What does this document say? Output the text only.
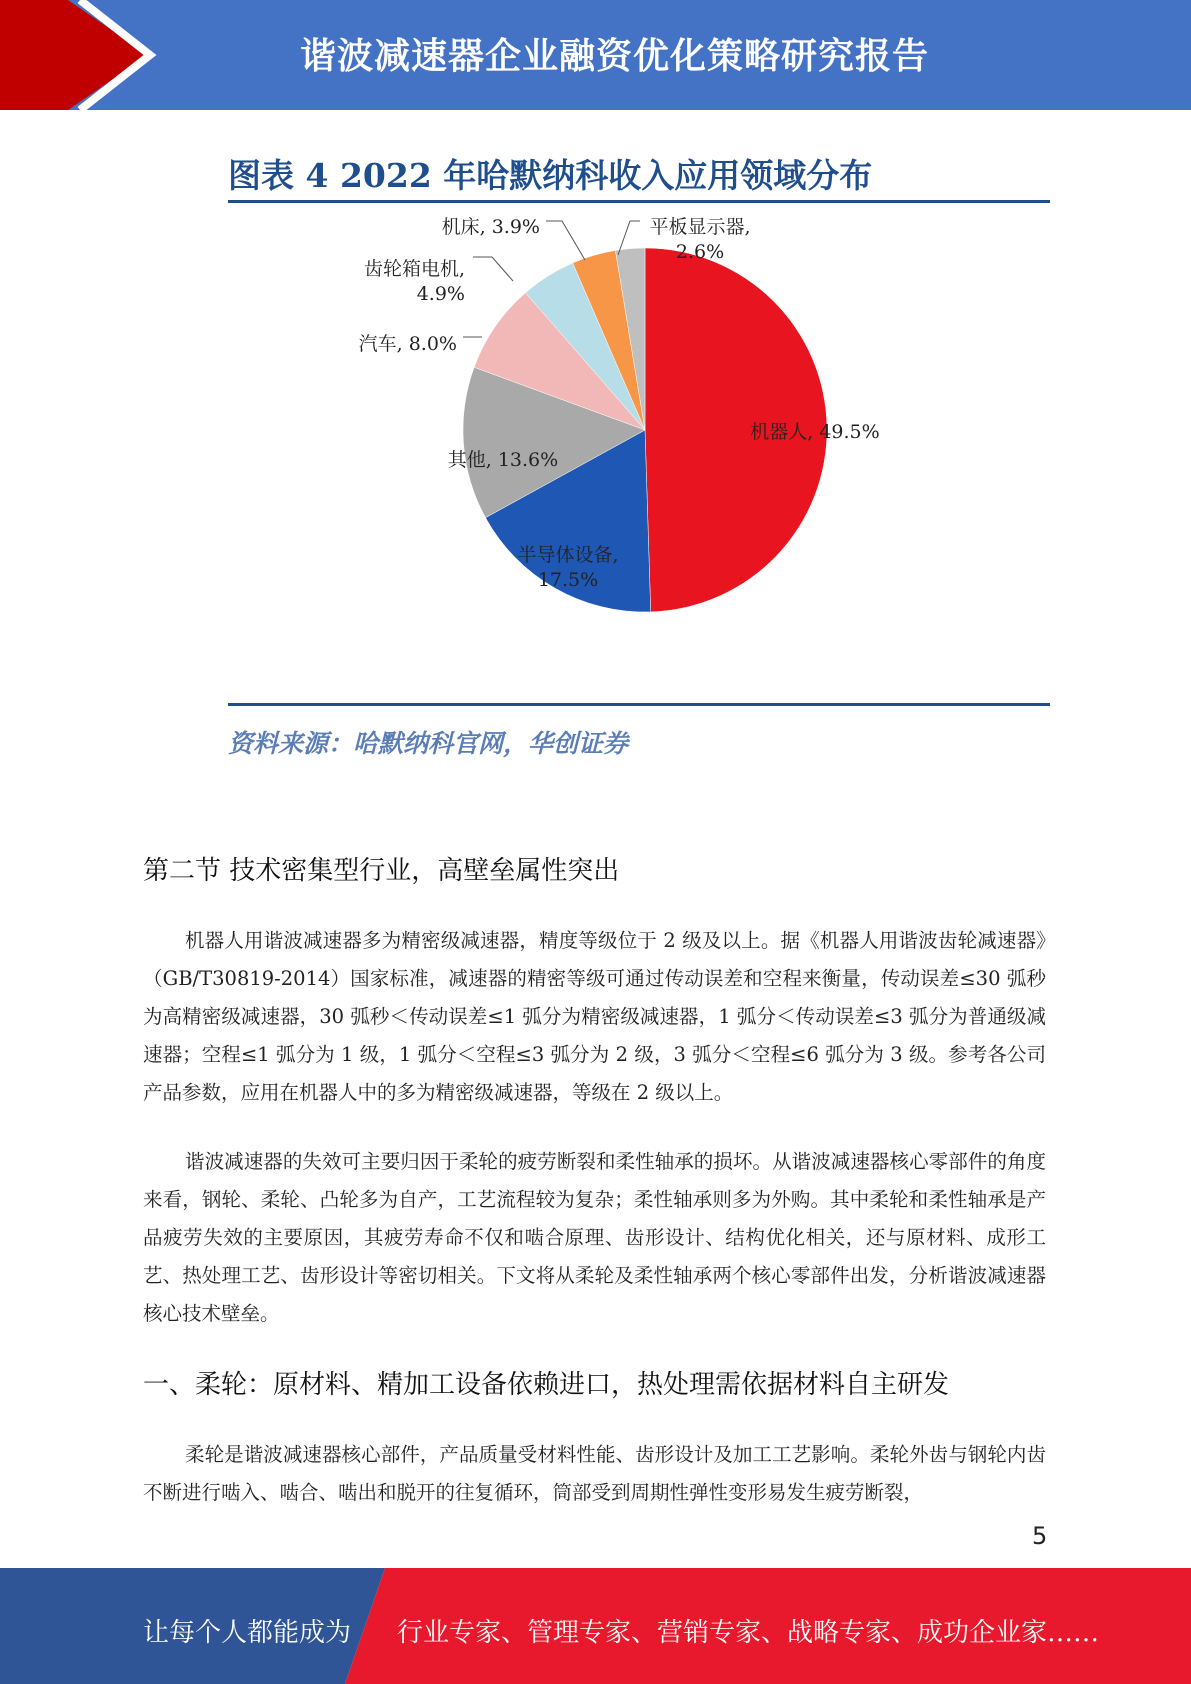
谐波减速器企业融资优化策略研究报告
图表 4 2022 年哈默纳科收入应用领域分布
机器人, 49.5%
半导体设备,
17.5%
其他, 13.6%
汽车, 8.0%
齿轮箱电机,
4.9%
机床, 3.9%	平板显示器,
2.6%
资料来源：哈默纳科官网，华创证券
第二节 技术密集型行业，高壁垒属性突出
机器人用谐波减速器多为精密级减速器，精度等级位于 2 级及以上。据《机器人用谐波齿轮减速器》（GB/T30819-2014）国家标准，减速器的精密等级可通过传动误差和空程来衡量，传动误差≤30 弧秒为高精密级减速器，30 弧秒＜传动误差≤1 弧分为精密级减速器，1 弧分＜传动误差≤3 弧分为普通级减速器；空程≤1 弧分为 1 级，1 弧分＜空程≤3 弧分为 2 级，3 弧分＜空程≤6 弧分为 3 级。参考各公司产品参数，应用在机器人中的多为精密级减速器，等级在 2 级以上。
谐波减速器的失效可主要归因于柔轮的疲劳断裂和柔性轴承的损坏。从谐波减速器核心零部件的角度来看，钢轮、柔轮、凸轮多为自产，工艺流程较为复杂；柔性轴承则多为外购。其中柔轮和柔性轴承是产品疲劳失效的主要原因，其疲劳寿命不仅和啮合原理、齿形设计、结构优化相关，还与原材料、成形工艺、热处理工艺、齿形设计等密切相关。下文将从柔轮及柔性轴承两个核心零部件出发，分析谐波减速器核心技术壁垒。
一、柔轮：原材料、精加工设备依赖进口，热处理需依据材料自主研发
柔轮是谐波减速器核心部件，产品质量受材料性能、齿形设计及加工工艺影响。柔轮外齿与钢轮内齿不断进行啮入、啮合、啮出和脱开的往复循环，筒部受到周期性弹性变形易发生疲劳断裂，
5
让每个人都能成为 行业专家、管理专家、营销专家、战略专家、成功企业家……
